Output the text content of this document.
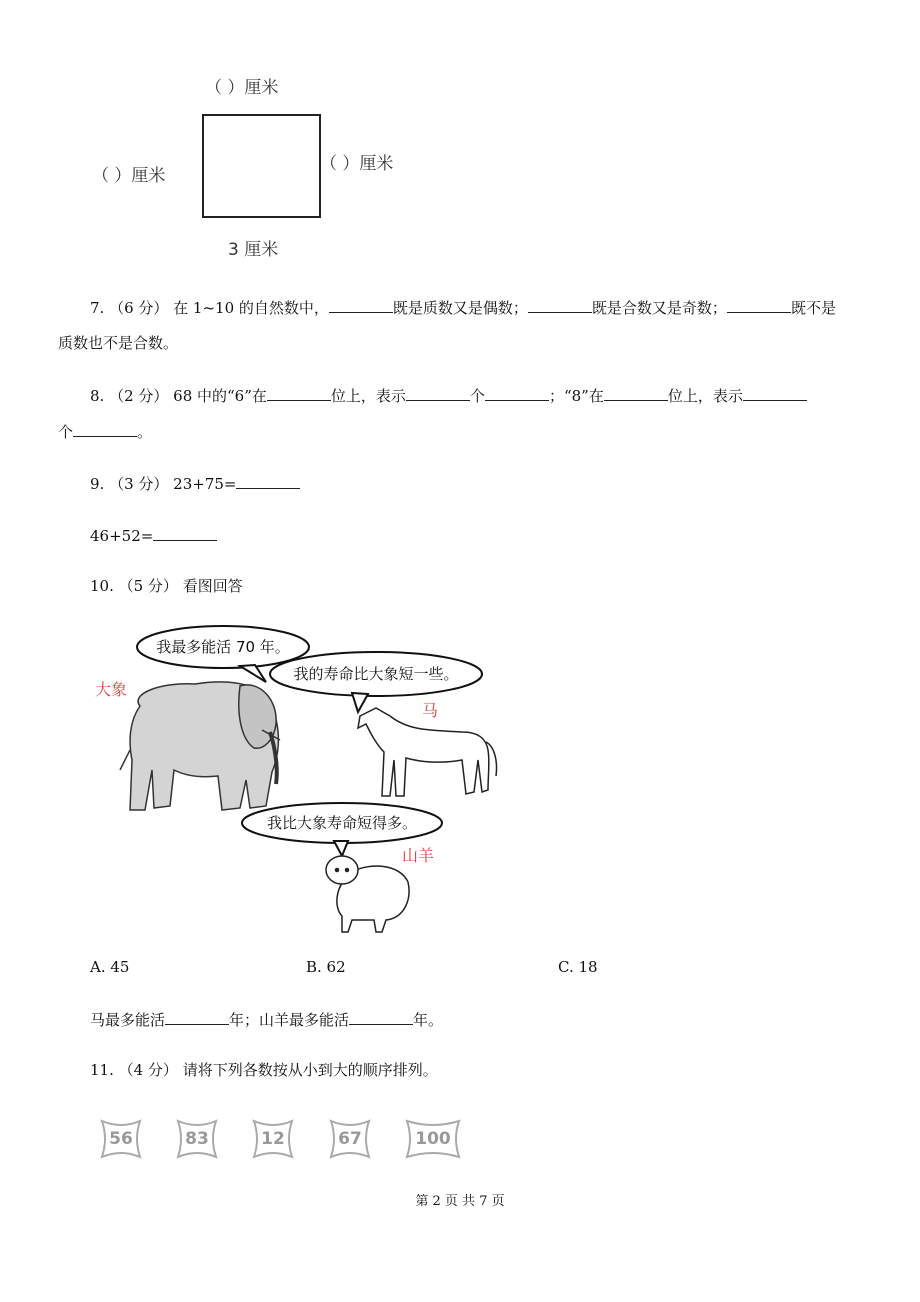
（ ）厘米
（ ）厘米
（ ）厘米
3 厘米
7. （6 分） 在 1~10 的自然数中，	既是质数又是偶数；	既是合数又是奇数；	既不是
质数也不是合数。
8. （2 分） 68 中的“6”在	位上，表示	个	；“8”在	位上，表示
个	。
9. （3 分） 23+75=
46+52=
10. （5 分） 看图回答
我最多能活 70 年。
我的寿命比大象短一些。
我比大象寿命短得多。
大象
马
山羊
A. 45	B. 62	C. 18
马最多能活	年；山羊最多能活	年。
11. （4 分） 请将下列各数按从小到大的顺序排列。
56	83	12	67	100
第 2 页 共 7 页
